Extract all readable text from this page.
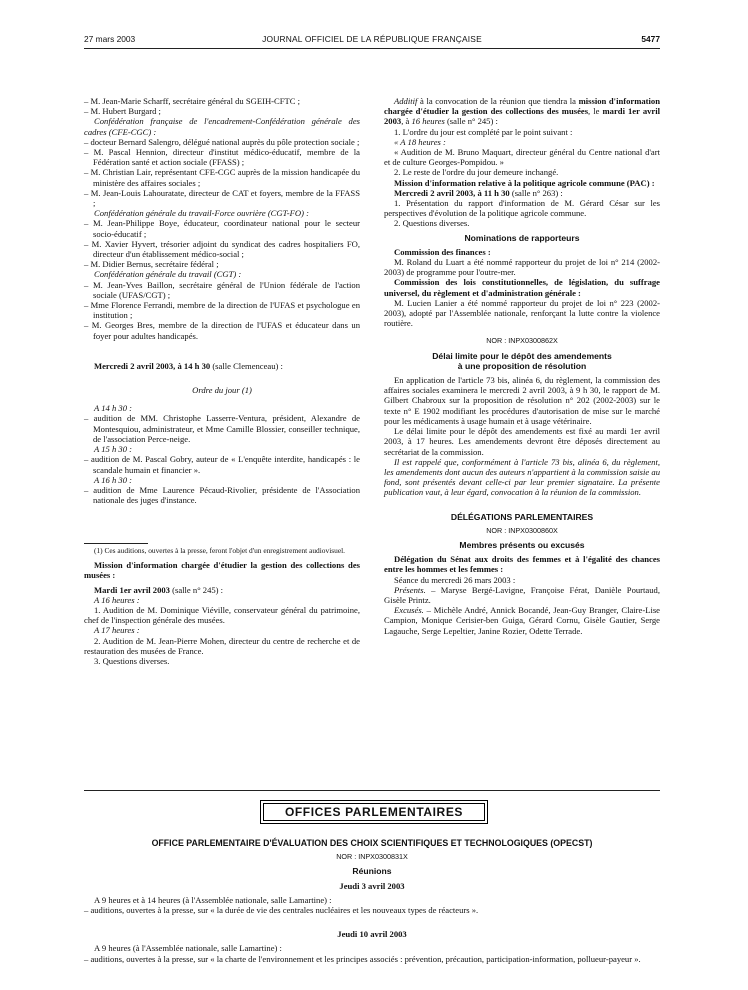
27 mars 2003	JOURNAL OFFICIEL DE LA RÉPUBLIQUE FRANÇAISE	5477

– M. Jean-Marie Scharff, secrétaire général du SGEIH-CFTC ;

– M. Hubert Burgard ;

Confédération française de l'encadrement-Confédération générale des cadres (CFE-CGC) :

– docteur Bernard Salengro, délégué national auprès du pôle protection sociale ;

– M. Pascal Hennion, directeur d'institut médico-éducatif, membre de la Fédération santé et action sociale (FFASS) ;

– M. Christian Lair, représentant CFE-CGC auprès de la mission handicapée du ministère des affaires sociales ;

– M. Jean-Louis Lahouratate, directeur de CAT et foyers, membre de la FFASS ;

Confédération générale du travail-Force ouvrière (CGT-FO) :

– M. Jean-Philippe Boye, éducateur, coordinateur national pour le secteur socio-éducatif ;

– M. Xavier Hyvert, trésorier adjoint du syndicat des cadres hospitaliers FO, directeur d'un établissement médico-social ;

– M. Didier Bernus, secrétaire fédéral ;

Confédération générale du travail (CGT) :

– M. Jean-Yves Baillon, secrétaire général de l'Union fédérale de l'action sociale (UFAS/CGT) ;

– Mme Florence Ferrandi, membre de la direction de l'UFAS et psychologue en institution ;

– M. Georges Bres, membre de la direction de l'UFAS et éducateur dans un foyer pour adultes handicapés.

Mercredi 2 avril 2003, à 14 h 30 (salle Clemenceau) :

Ordre du jour (1)

A 14 h 30 :

– audition de MM. Christophe Lasserre-Ventura, président, Alexandre de Montesquiou, administrateur, et Mme Camille Blossier, conseiller technique, de l'association Perce-neige.

A 15 h 30 :

– audition de M. Pascal Gobry, auteur de « L'enquête interdite, handicapés : le scandale humain et financier ».

A 16 h 30 :

– audition de Mme Laurence Pécaud-Rivolier, présidente de l'Association nationale des juges d'instance.

(1) Ces auditions, ouvertes à la presse, feront l'objet d'un enregistrement audiovisuel.

Mission d'information chargée d'étudier la gestion des collections des musées :

Mardi 1er avril 2003 (salle n° 245) :

A 16 heures :

1. Audition de M. Dominique Viéville, conservateur général du patrimoine, chef de l'inspection générale des musées.

A 17 heures :

2. Audition de M. Jean-Pierre Mohen, directeur du centre de recherche et de restauration des musées de France.

3. Questions diverses.

Additif à la convocation de la réunion que tiendra la mission d'information chargée d'étudier la gestion des collections des musées, le mardi 1er avril 2003, à 16 heures (salle n° 245) :

1. L'ordre du jour est complété par le point suivant :

« A 18 heures :

« Audition de M. Bruno Maquart, directeur général du Centre national d'art et de culture Georges-Pompidou. »

2. Le reste de l'ordre du jour demeure inchangé.

Mission d'information relative à la politique agricole commune (PAC) :

Mercredi 2 avril 2003, à 11 h 30 (salle n° 263) :

1. Présentation du rapport d'information de M. Gérard César sur les perspectives d'évolution de la politique agricole commune.

2. Questions diverses.

Nominations de rapporteurs

Commission des finances :

M. Roland du Luart a été nommé rapporteur du projet de loi n° 214 (2002-2003) de programme pour l'outre-mer.

Commission des lois constitutionnelles, de législation, du suffrage universel, du règlement et d'administration générale :

M. Lucien Lanier a été nommé rapporteur du projet de loi n° 223 (2002-2003), adopté par l'Assemblée nationale, renforçant la lutte contre la violence routière.

NOR : INPX0300862X

Délai limite pour le dépôt des amendements

à une proposition de résolution

En application de l'article 73 bis, alinéa 6, du règlement, la commission des affaires sociales examinera le mercredi 2 avril 2003, à 9 h 30, le rapport de M. Gilbert Chabroux sur la proposition de résolution n° 202 (2002-2003) sur le texte n° E 1902 modifiant les procédures d'autorisation de mise sur le marché pour les médicaments à usage humain et à usage vétérinaire.

Le délai limite pour le dépôt des amendements est fixé au mardi 1er avril 2003, à 17 heures. Les amendements devront être déposés directement au secrétariat de la commission.

Il est rappelé que, conformément à l'article 73 bis, alinéa 6, du règlement, les amendements dont aucun des auteurs n'appartient à la commission saisie au fond, sont présentés devant celle-ci par leur premier signataire. La présente publication vaut, à leur égard, convocation à la réunion de la commission.

DÉLÉGATIONS PARLEMENTAIRES

NOR : INPX0300860X

Membres présents ou excusés

Délégation du Sénat aux droits des femmes et à l'égalité des chances entre les hommes et les femmes :

Séance du mercredi 26 mars 2003 :

Présents. – Maryse Bergé-Lavigne, Françoise Férat, Danièle Pourtaud, Gisèle Printz.

Excusés. – Michèle André, Annick Bocandé, Jean-Guy Branger, Claire-Lise Campion, Monique Cerisier-ben Guiga, Gérard Cornu, Gisèle Gautier, Serge Lagauche, Serge Lepeltier, Janine Rozier, Odette Terrade.

OFFICES PARLEMENTAIRES

OFFICE PARLEMENTAIRE D'ÉVALUATION DES CHOIX SCIENTIFIQUES ET TECHNOLOGIQUES (OPECST)

NOR : INPX0300831X

Réunions

Jeudi 3 avril 2003

A 9 heures et à 14 heures (à l'Assemblée nationale, salle Lamartine) :

– auditions, ouvertes à la presse, sur « la durée de vie des centrales nucléaires et les nouveaux types de réacteurs ».

Jeudi 10 avril 2003

A 9 heures (à l'Assemblée nationale, salle Lamartine) :

– auditions, ouvertes à la presse, sur « la charte de l'environnement et les principes associés : prévention, précaution, participation-information, pollueur-payeur ».
